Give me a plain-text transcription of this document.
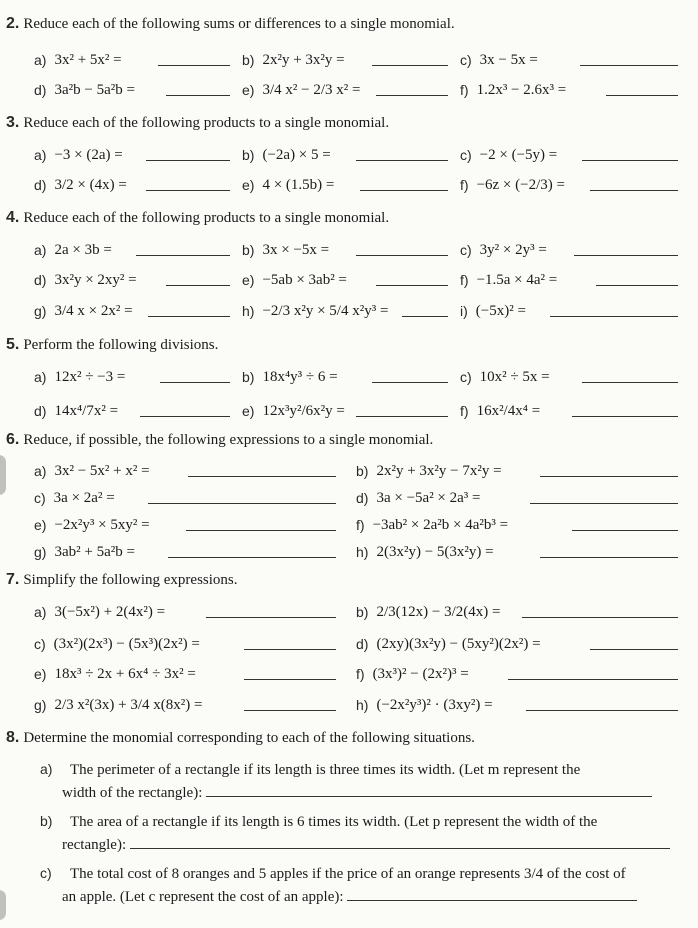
2. Reduce each of the following sums or differences to a single monomial.
a) 3x² + 5x² =	b) 2x²y + 3x²y =	c) 3x − 5x =
d) 3a²b − 5a²b =	e) 3/4 x² − 2/3 x² =	f) 1.2x³ − 2.6x³ =
3. Reduce each of the following products to a single monomial.
a) −3 × (2a) =	b) (−2a) × 5 =	c) −2 × (−5y) =
d) 3/2 × (4x) =	e) 4 × (1.5b) =	f) −6z × (−2/3) =
4. Reduce each of the following products to a single monomial.
a) 2a × 3b =	b) 3x × −5x =	c) 3y² × 2y³ =
d) 3x²y × 2xy² =	e) −5ab × 3ab² =	f) −1.5a × 4a² =
g) 3/4 x × 2x² =	h) −2/3 x²y × 5/4 x²y³ =	i) (−5x)² =
5. Perform the following divisions.
a) 12x² ÷ −3 =	b) 18x⁴y³ ÷ 6 =	c) 10x² ÷ 5x =
d) 14x⁴/7x² =	e) 12x³y²/6x²y =	f) 16x²/4x⁴ =
6. Reduce, if possible, the following expressions to a single monomial.
a) 3x² − 5x² + x² =	b) 2x²y + 3x²y − 7x²y =
c) 3a × 2a² =	d) 3a × −5a² × 2a³ =
e) −2x²y³ × 5xy² =	f) −3ab² × 2a²b × 4a²b³ =
g) 3ab² + 5a²b =	h) 2(3x²y) − 5(3x²y) =
7. Simplify the following expressions.
a) 3(−5x²) + 2(4x²) =	b) 2/3(12x) − 3/2(4x) =
c) (3x²)(2x³) − (5x³)(2x²) =	d) (2xy)(3x²y) − (5xy²)(2x²) =
e) 18x³ ÷ 2x + 6x⁴ ÷ 3x² =	f) (3x³)² − (2x²)³ =
g) 2/3 x²(3x) + 3/4 x(8x²) =	h) (−2x²y³)² · (3xy²) =
8. Determine the monomial corresponding to each of the following situations.
a) The perimeter of a rectangle if its length is three times its width. (Let m represent the
width of the rectangle):
b) The area of a rectangle if its length is 6 times its width. (Let p represent the width of the
rectangle):
c) The total cost of 8 oranges and 5 apples if the price of an orange represents 3/4 of the cost of
an apple. (Let c represent the cost of an apple):
